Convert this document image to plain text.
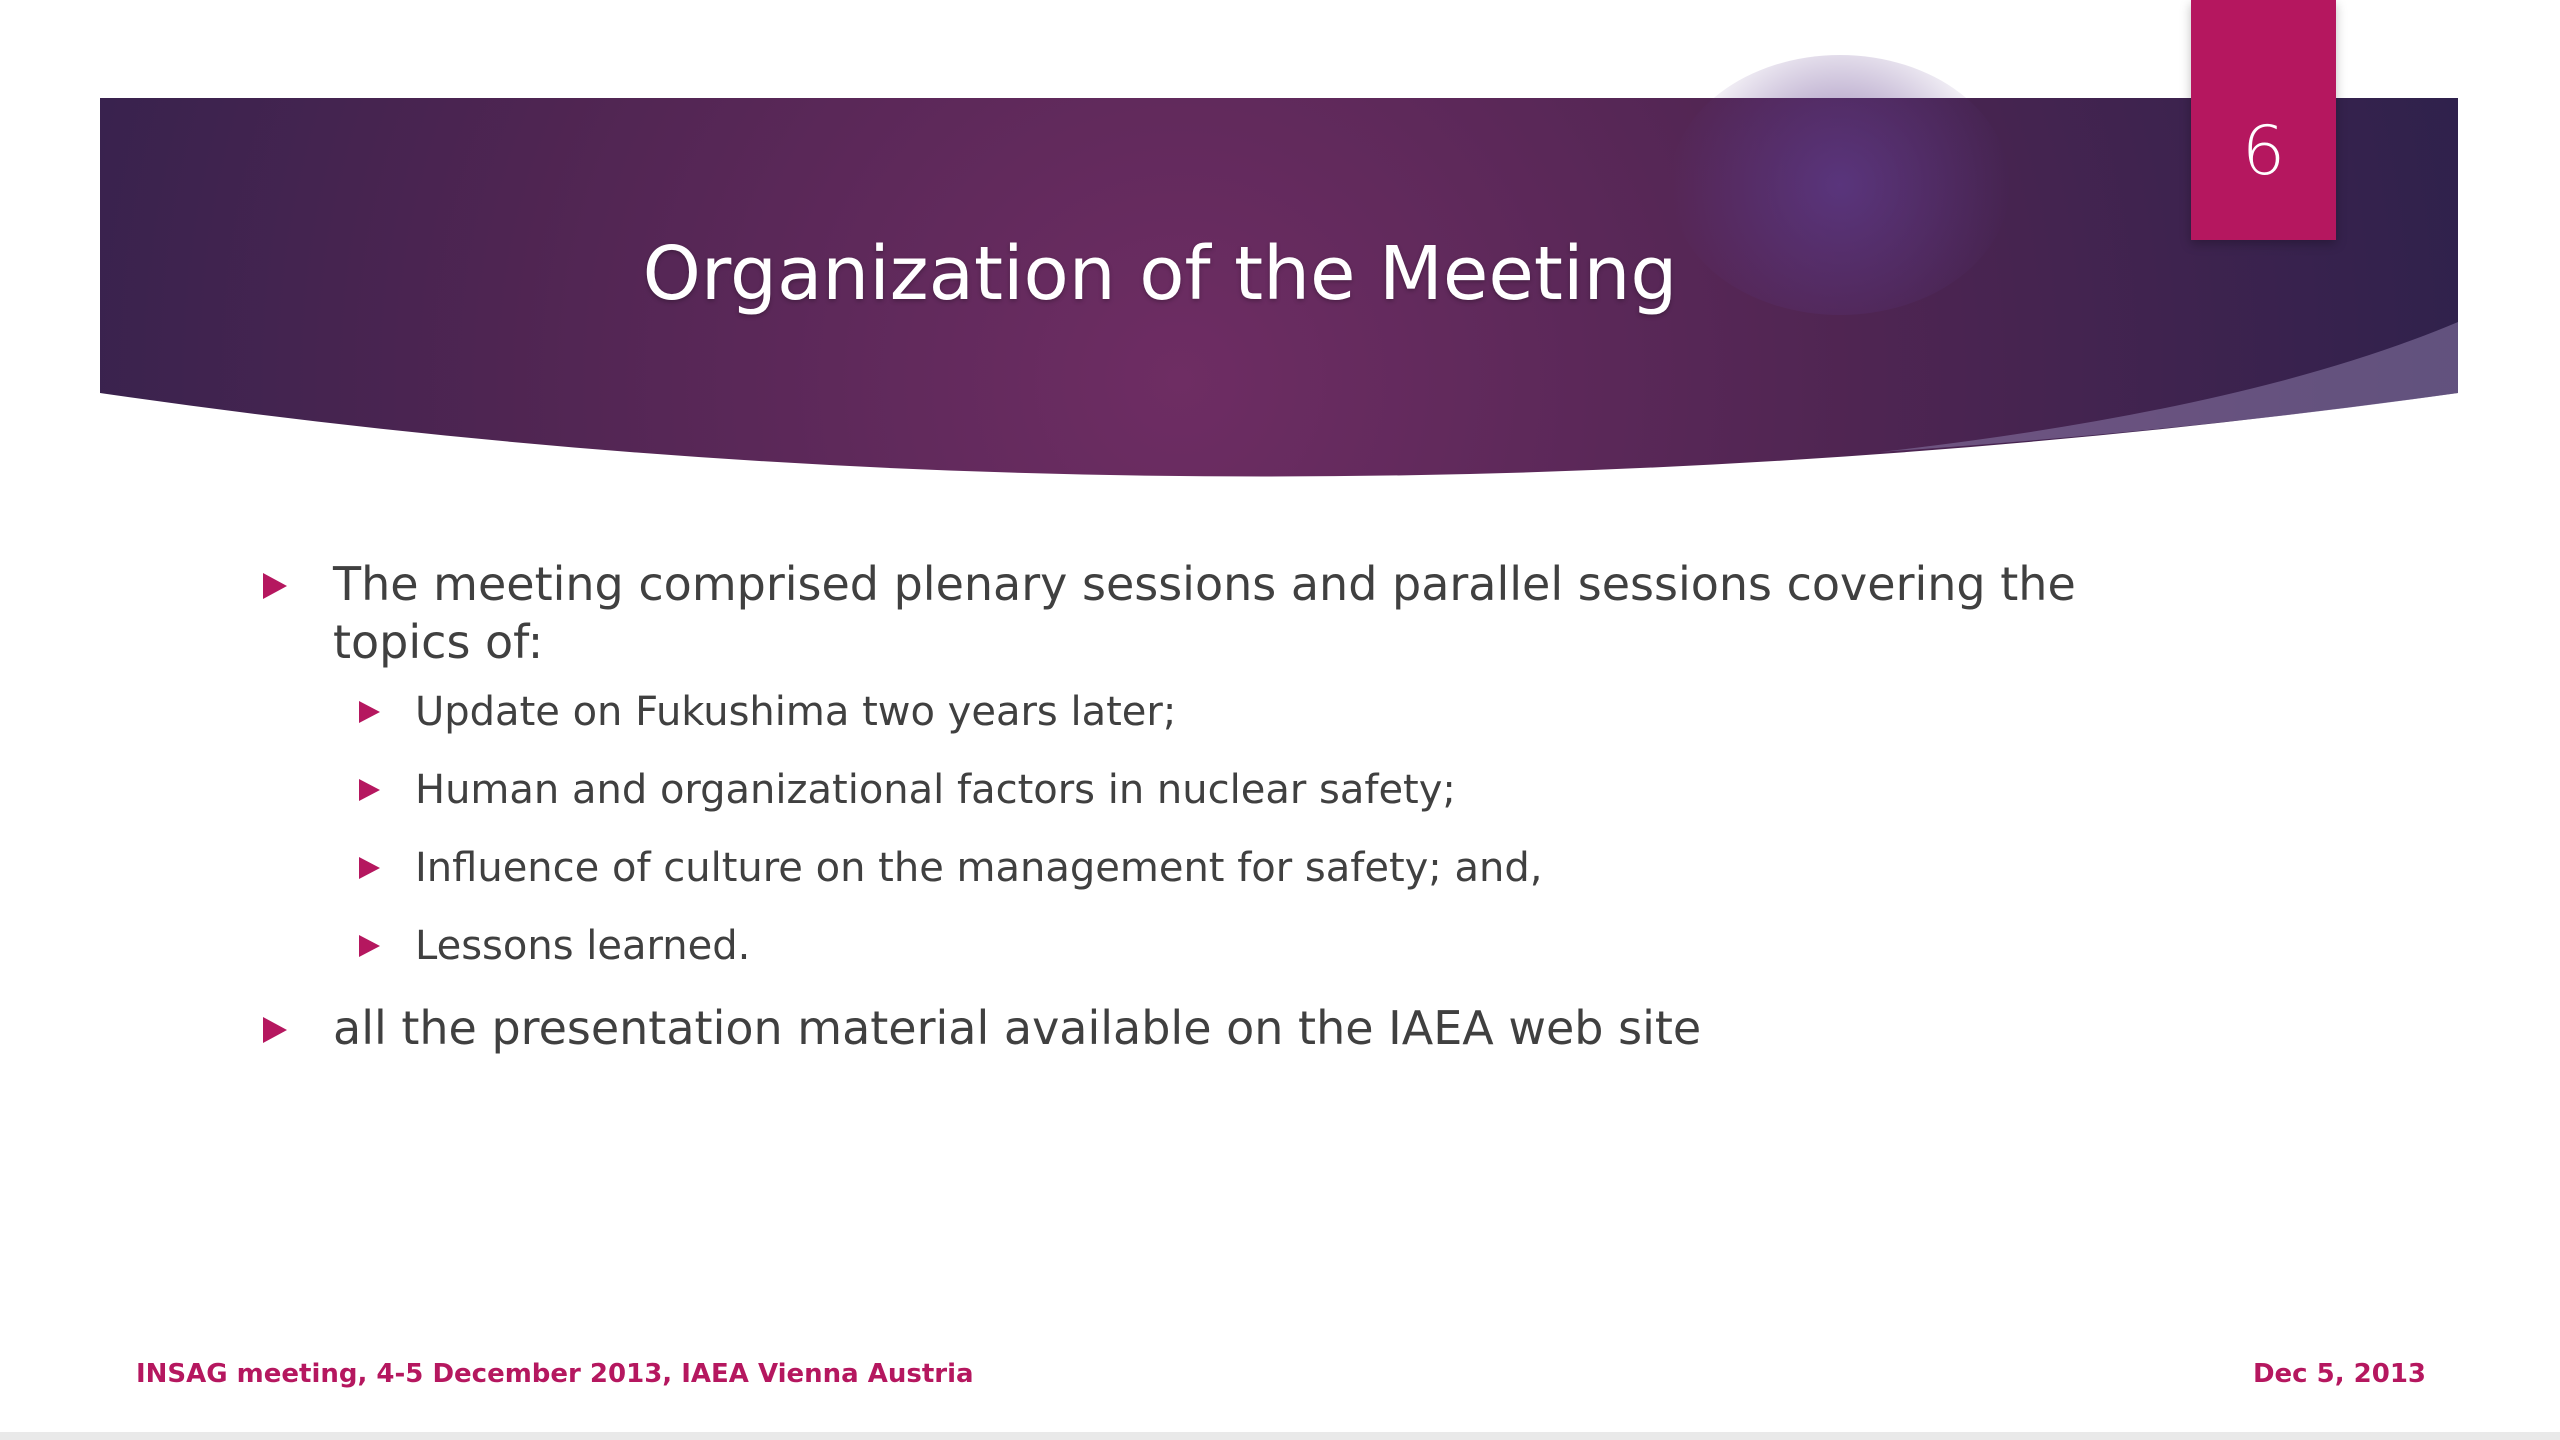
6
Organization of the Meeting
The meeting comprised plenary sessions and parallel sessions covering the topics of:
Update on Fukushima two years later;
Human and organizational factors in nuclear safety;
Influence of culture on the management for safety; and,
Lessons learned.
all the presentation material available on the IAEA web site
INSAG meeting, 4-5 December 2013, IAEA Vienna Austria	Dec 5, 2013
